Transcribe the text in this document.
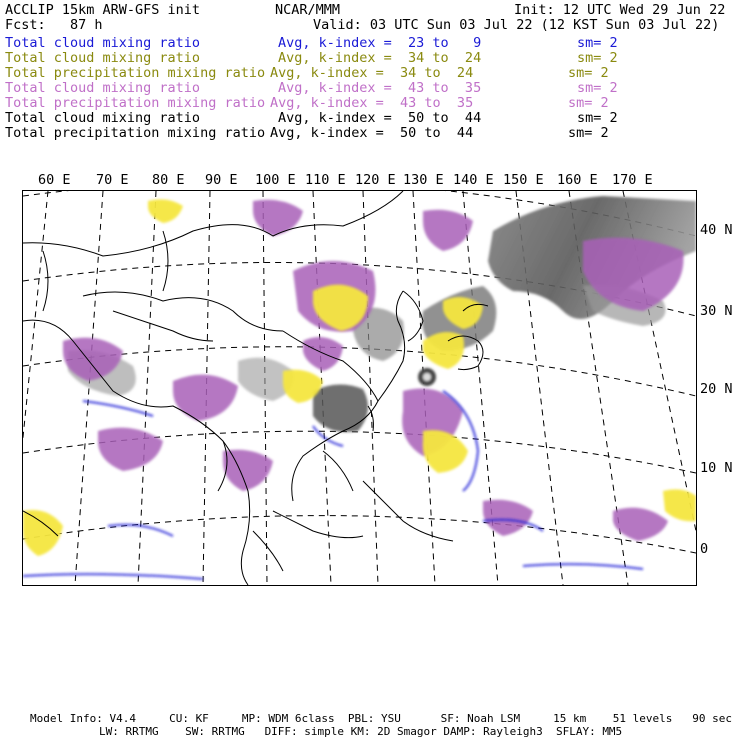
ACCLIP 15km ARW-GFS init	NCAR/MMM	Init: 12 UTC Wed 29 Jun 22
Fcst:   87 h	Valid: 03 UTC Sun 03 Jul 22 (12 KST Sun 03 Jul 22)
Total cloud mixing ratio	Avg, k-index =  23 to   9	sm= 2
Total cloud mixing ratio	Avg, k-index =  34 to  24	sm= 2
Total precipitation mixing ratio Avg, k-index =  34 to  24	sm= 2
Total cloud mixing ratio	Avg, k-index =  43 to  35	sm= 2
Total precipitation mixing ratio Avg, k-index =  43 to  35	sm= 2
Total cloud mixing ratio	Avg, k-index =  50 to  44	sm= 2
Total precipitation mixing ratio Avg, k-index =  50 to  44	sm= 2
60 E 70 E 80 E 90 E 100 E 110 E 120 E 130 E 140 E 150 E 160 E 170 E
40 N
30 N
20 N
10 N
0
Model Info: V4.4     CU: KF     MP: WDM 6class  PBL: YSU      SF: Noah LSM     15 km    51 levels   90 sec
LW: RRTMG    SW: RRTMG   DIFF: simple KM: 2D Smagor DAMP: Rayleigh3  SFLAY: MM5
